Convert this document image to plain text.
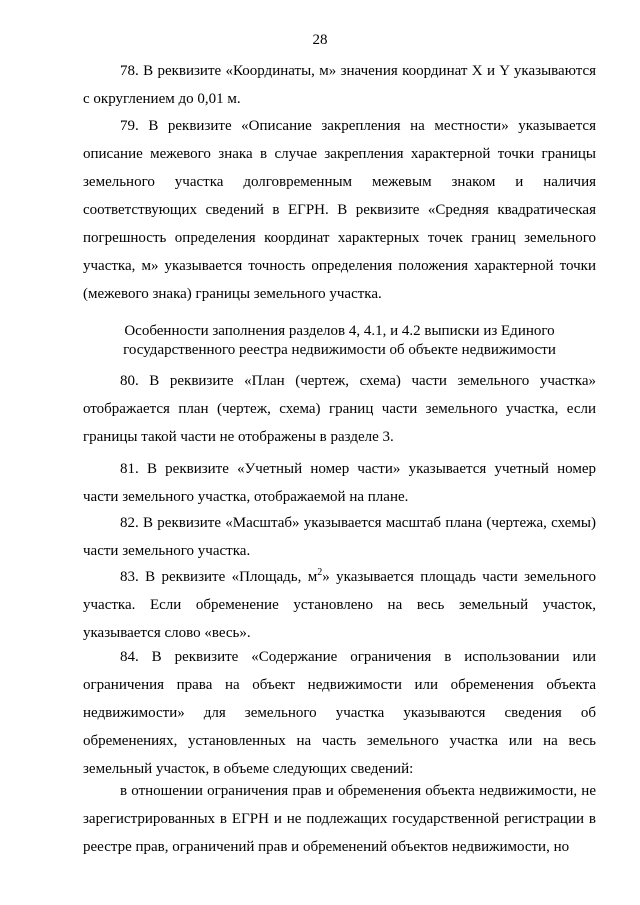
28

78. В реквизите «Координаты, м» значения координат X и Y указываются с округлением до 0,01 м.

79. В реквизите «Описание закрепления на местности» указывается описание межевого знака в случае закрепления характерной точки границы земельного участка долговременным межевым знаком и наличия соответствующих сведений в ЕГРН. В реквизите «Средняя квадратическая погрешность определения координат характерных точек границ земельного участка, м» указывается точность определения положения характерной точки (межевого знака) границы земельного участка.

Особенности заполнения разделов 4, 4.1, и 4.2 выписки из Единого
государственного реестра недвижимости об объекте недвижимости

80. В реквизите «План (чертеж, схема) части земельного участка» отображается план (чертеж, схема) границ части земельного участка, если границы такой части не отображены в разделе 3.

81. В реквизите «Учетный номер части» указывается учетный номер части земельного участка, отображаемой на плане.

82. В реквизите «Масштаб» указывается масштаб плана (чертежа, схемы) части земельного участка.

83. В реквизите «Площадь, $м^2$» указывается площадь части земельного участка. Если обременение установлено на весь земельный участок, указывается слово «весь».

84. В реквизите «Содержание ограничения в использовании или ограничения права на объект недвижимости или обременения объекта недвижимости» для земельного участка указываются сведения об обременениях, установленных на часть земельного участка или на весь земельный участок, в объеме следующих сведений:

в отношении ограничения прав и обременения объекта недвижимости, не зарегистрированных в ЕГРН и не подлежащих государственной регистрации в реестре прав, ограничений прав и обременений объектов недвижимости, но
